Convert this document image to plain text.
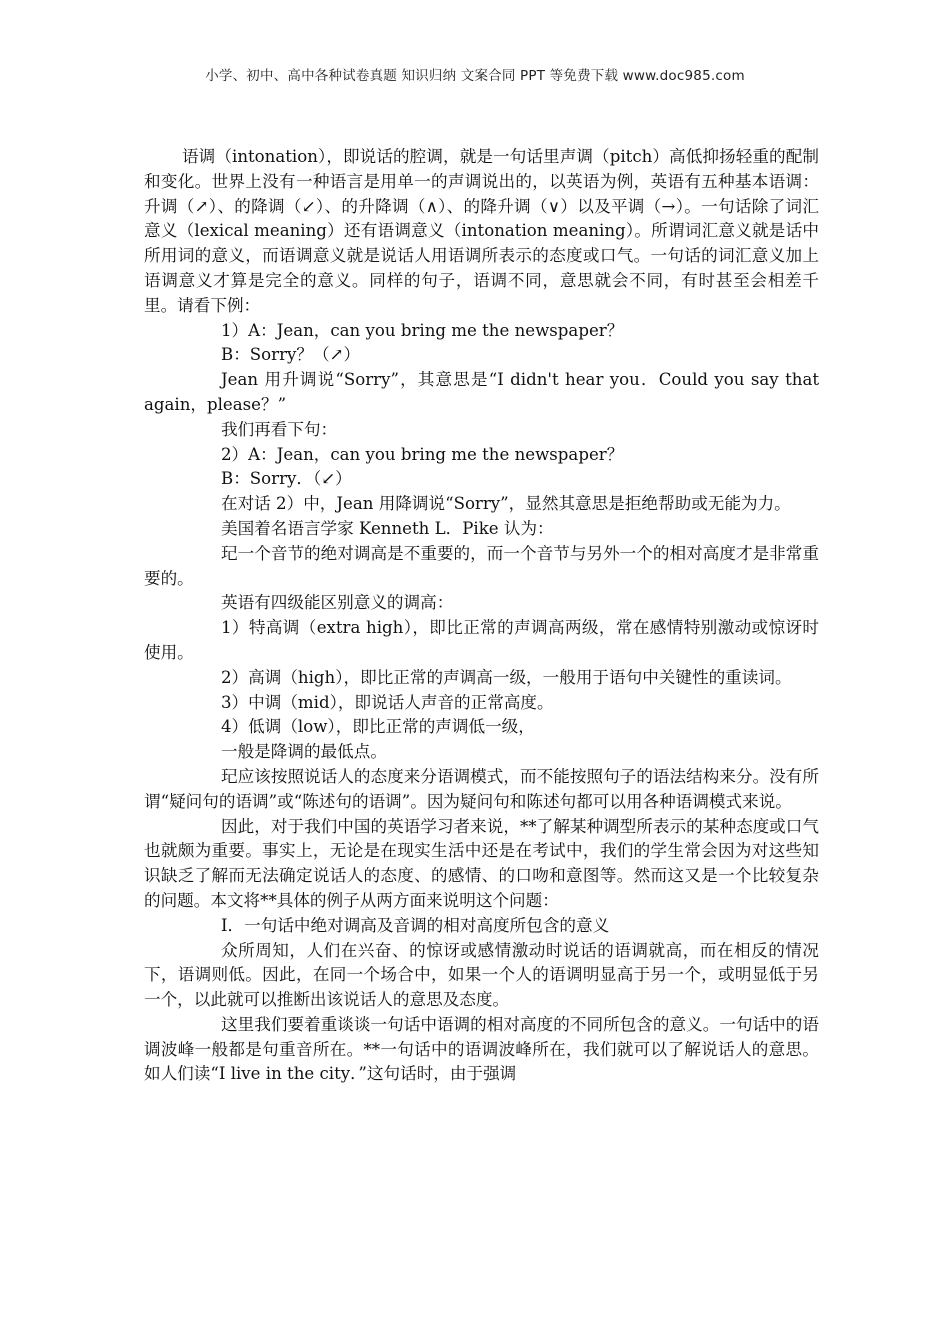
小学、初中、高中各种试卷真题 知识归纳 文案合同 PPT 等免费下载 www.doc985.com

语调（intonation），即说话的腔调，就是一句话里声调（pitch）高低抑扬轻重的配制和变化。世界上没有一种语言是用单一的声调说出的，以英语为例，英语有五种基本语调：升调（↗）、的降调（↙）、的升降调（∧）、的降升调（∨）以及平调（→）。一句话除了词汇意义（lexical meaning）还有语调意义（intonation meaning）。所谓词汇意义就是话中所用词的意义，而语调意义就是说话人用语调所表示的态度或口气。一句话的词汇意义加上语调意义才算是完全的意义。同样的句子，语调不同，意思就会不同，有时甚至会相差千里。请看下例：

1）A：Jean，can you bring me the newspaper？

B：Sorry？（↗）

Jean 用升调说“Sorry”，其意思是“I didn't hear you．Could you say that again，please？”

我们再看下句：

2）A：Jean，can you bring me the newspaper？

B：Sorry．（↙）

在对话 2）中，Jean 用降调说“Sorry”，显然其意思是拒绝帮助或无能为力。

美国着名语言学家 Kenneth L．Pike 认为：

玘一个音节的绝对调高是不重要的，而一个音节与另外一个的相对高度才是非常重要的。

英语有四级能区别意义的调高：

1）特高调（extra high），即比正常的声调高两级，常在感情特别激动或惊讶时使用。

2）高调（high），即比正常的声调高一级，一般用于语句中关键性的重读词。

3）中调（mid），即说话人声音的正常高度。

4）低调（low），即比正常的声调低一级，

一般是降调的最低点。

玘应该按照说话人的态度来分语调模式，而不能按照句子的语法结构来分。没有所谓“疑问句的语调”或“陈述句的语调”。因为疑问句和陈述句都可以用各种语调模式来说。

因此，对于我们中国的英语学习者来说，**了解某种调型所表示的某种态度或口气也就颇为重要。事实上，无论是在现实生活中还是在考试中，我们的学生常会因为对这些知识缺乏了解而无法确定说话人的态度、的感情、的口吻和意图等。然而这又是一个比较复杂的问题。本文将**具体的例子从两方面来说明这个问题：

I．一句话中绝对调高及音调的相对高度所包含的意义

众所周知，人们在兴奋、的惊讶或感情激动时说话的语调就高，而在相反的情况下，语调则低。因此，在同一个场合中，如果一个人的语调明显高于另一个，或明显低于另一个，以此就可以推断出该说话人的意思及态度。

这里我们要着重谈谈一句话中语调的相对高度的不同所包含的意义。一句话中的语调波峰一般都是句重音所在。**一句话中的语调波峰所在，我们就可以了解说话人的意思。如人们读“I live in the city．”这句话时，由于强调
